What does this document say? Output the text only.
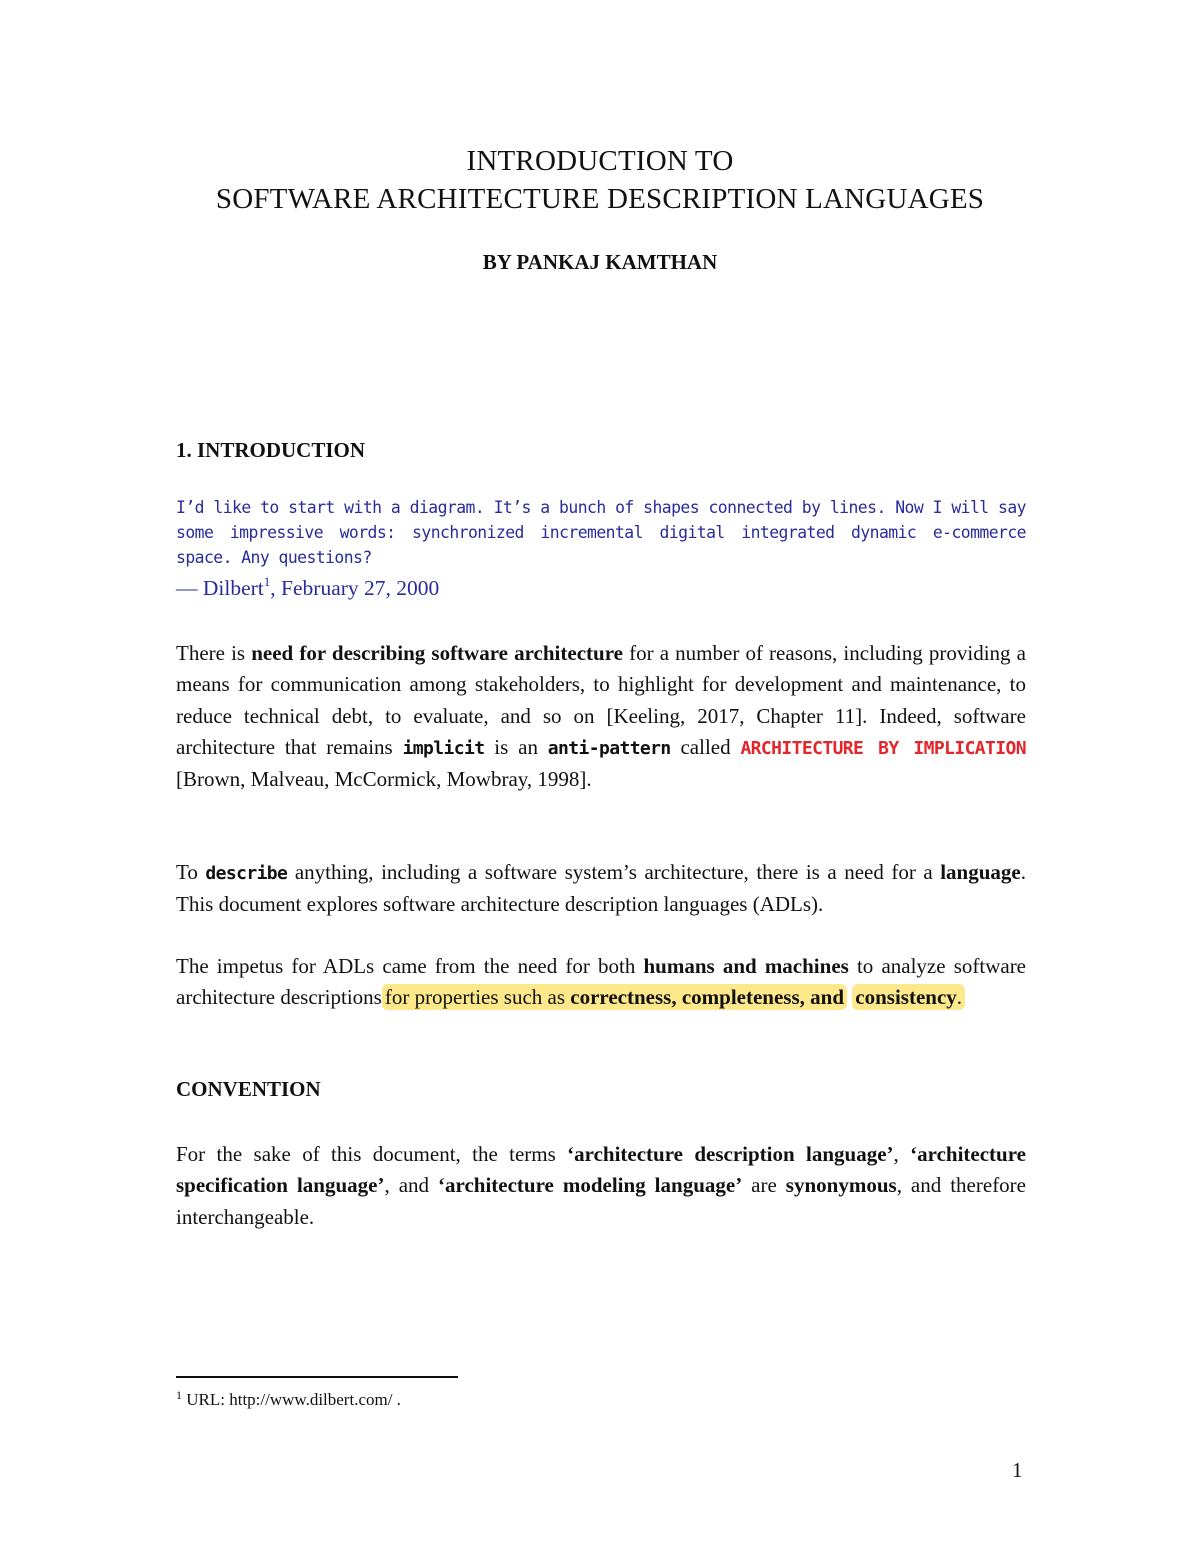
INTRODUCTION TO
SOFTWARE ARCHITECTURE DESCRIPTION LANGUAGES
BY PANKAJ KAMTHAN
1. INTRODUCTION
I’d like to start with a diagram. It’s a bunch of shapes connected by lines. Now I will say some impressive words: synchronized incremental digital integrated dynamic e-commerce space. Any questions?
— Dilbert$^1$, February 27, 2000
There is need for describing software architecture for a number of reasons, including providing a means for communication among stakeholders, to highlight for development and maintenance, to reduce technical debt, to evaluate, and so on [Keeling, 2017, Chapter 11]. Indeed, software architecture that remains implicit is an anti-pattern called ARCHITECTURE BY IMPLICATION [Brown, Malveau, McCormick, Mowbray, 1998].
To describe anything, including a software system’s architecture, there is a need for a language. This document explores software architecture description languages (ADLs).
The impetus for ADLs came from the need for both humans and machines to analyze software architecture descriptions for properties such as correctness, completeness, and consistency.
CONVENTION
For the sake of this document, the terms ‘architecture description language’, ‘architecture specification language’, and ‘architecture modeling language’ are synonymous, and therefore interchangeable.
$^1$ URL: http://www.dilbert.com/ .
1
